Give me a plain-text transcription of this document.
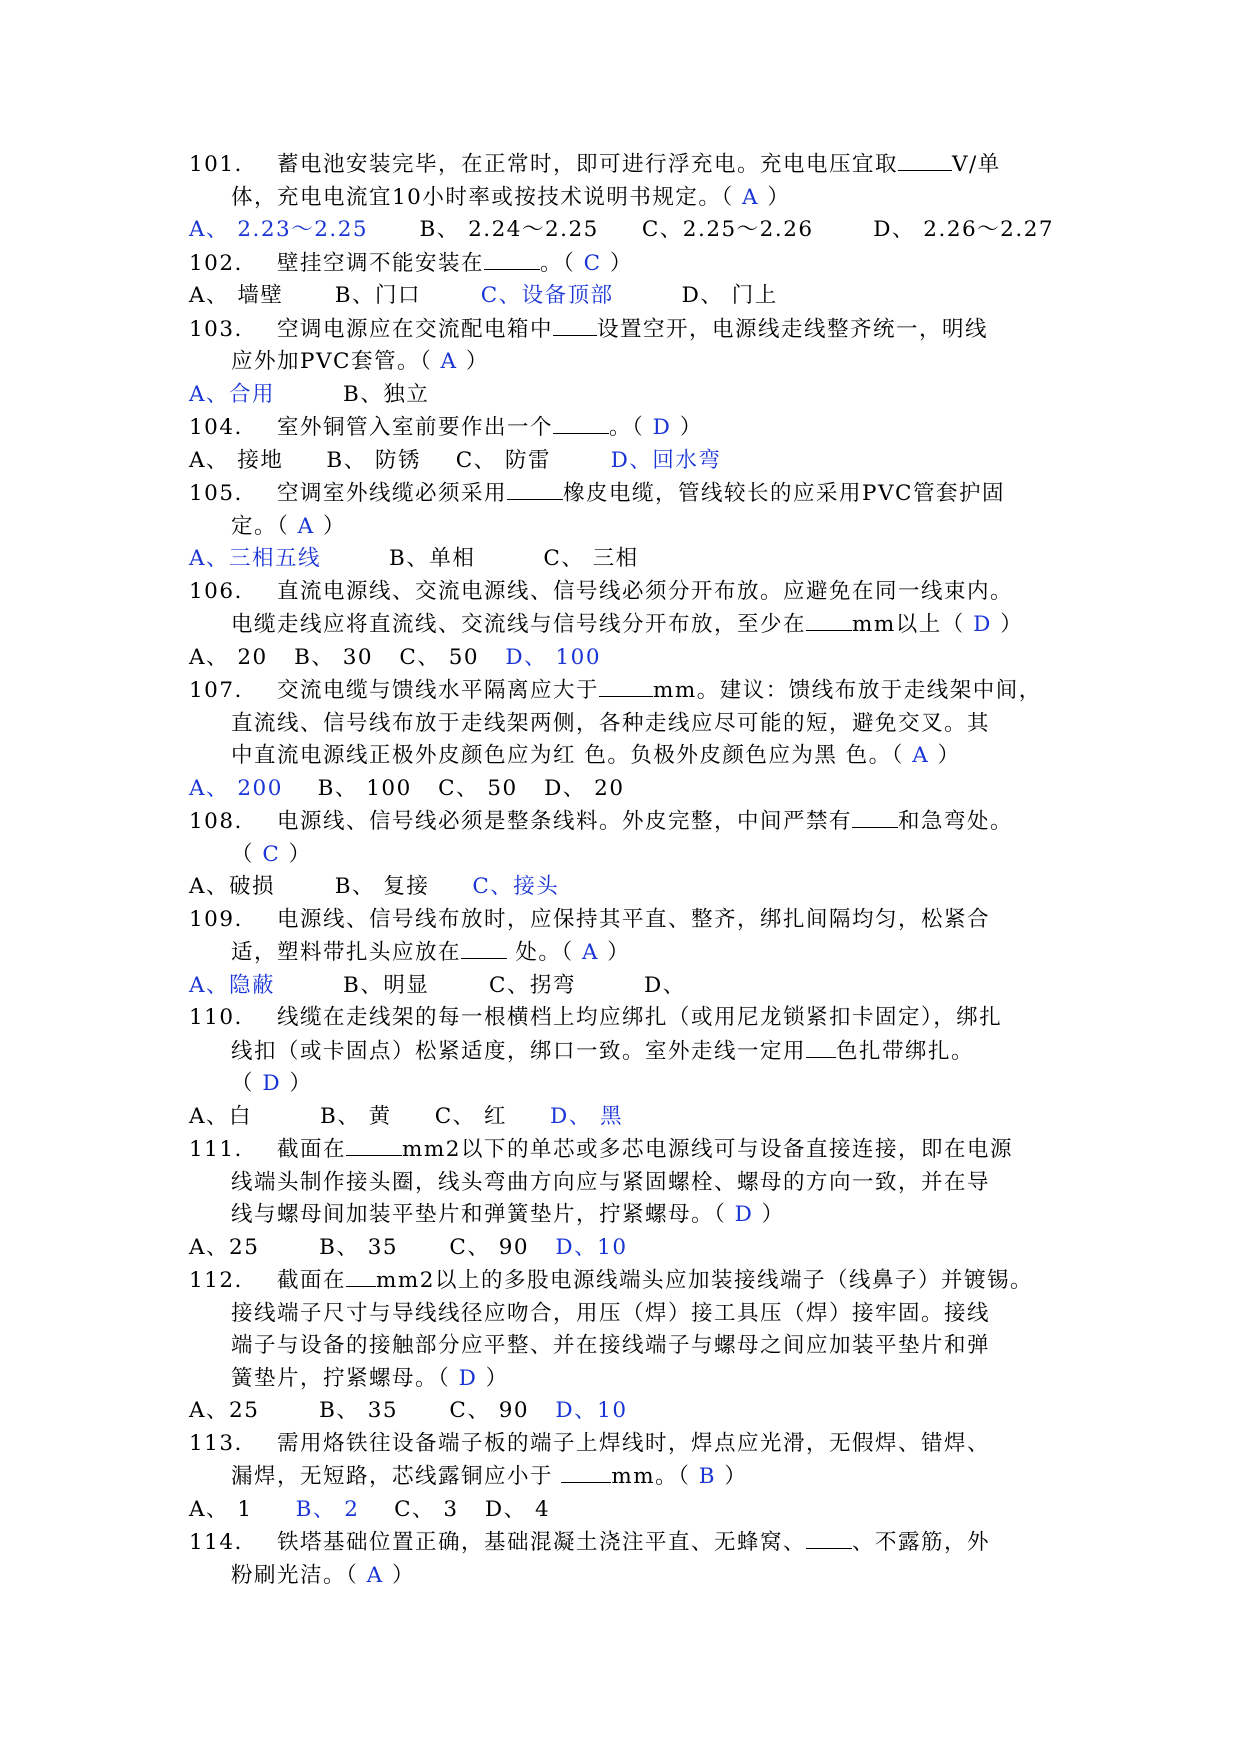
101. 蓄电池安装完毕，在正常时，即可进行浮充电。充电电压宜取	V/单
体，充电电流宜10小时率或按技术说明书规定。（ A ）
A、 2.23～2.25 B、 2.24～2.25 C、2.25～2.26	D、 2.26～2.27
102. 壁挂空调不能安装在	。（ C ）
A、 墙壁 B、门口	C、设备顶部	D、 门上
103. 空调电源应在交流配电箱中 设置空开，电源线走线整齐统一，明线
应外加PVC套管。（ A ）
A、合用	B、独立
104. 室外铜管入室前要作出一个	。（ D ）
A、 接地 B、 防锈 C、 防雷	D、回水弯
105. 空调室外线缆必须采用	橡皮电缆，管线较长的应采用PVC管套护固
定。（ A ）
A、三相五线	B、单相	C、 三相
106. 直流电源线、交流电源线、信号线必须分开布放。应避免在同一线束内。
电缆走线应将直流线、交流线与信号线分开布放，至少在 mm以上（ D ）
A、 20 B、 30 C、 50 D、 100
107. 交流电缆与馈线水平隔离应大于	mm。建议：馈线布放于走线架中间，
直流线、信号线布放于走线架两侧，各种走线应尽可能的短，避免交叉。其
中直流电源线正极外皮颜色应为红 色。负极外皮颜色应为黑 色。（ A ）
A、 200 B、 100 C、 50 D、 20
108. 电源线、信号线必须是整条线料。外皮完整，中间严禁有 和急弯处。
（ C ）
A、破损	B、 复接 C、接头
109. 电源线、信号线布放时，应保持其平直、整齐，绑扎间隔均匀，松紧合
适，塑料带扎头应放在 处。（ A ）
A、隐蔽	B、明显	C、拐弯	D、
110. 线缆在走线架的每一根横档上均应绑扎（或用尼龙锁紧扣卡固定），绑扎
线扣（或卡固点）松紧适度，绑口一致。室外走线一定用 色扎带绑扎。
（ D ）
A、白	B、 黄 C、 红 D、 黑
111. 截面在	mm2以下的单芯或多芯电源线可与设备直接连接，即在电源
线端头制作接头圈，线头弯曲方向应与紧固螺栓、螺母的方向一致，并在导
线与螺母间加装平垫片和弹簧垫片，拧紧螺母。（ D ）
A、25	B、 35 C、 90 D、10
112. 截面在 mm2以上的多股电源线端头应加装接线端子（线鼻子）并镀锡。
接线端子尺寸与导线线径应吻合，用压（焊）接工具压（焊）接牢固。接线
端子与设备的接触部分应平整、并在接线端子与螺母之间应加装平垫片和弹
簧垫片，拧紧螺母。（ D ）
A、25	B、 35 C、 90 D、10
113. 需用烙铁往设备端子板的端子上焊线时，焊点应光滑，无假焊、错焊、
漏焊，无短路，芯线露铜应小于 mm。（ B ）
A、 1 B、 2 C、 3 D、 4
114. 铁塔基础位置正确，基础混凝土浇注平直、无蜂窝、 、不露筋，外
粉刷光洁。（ A ）
